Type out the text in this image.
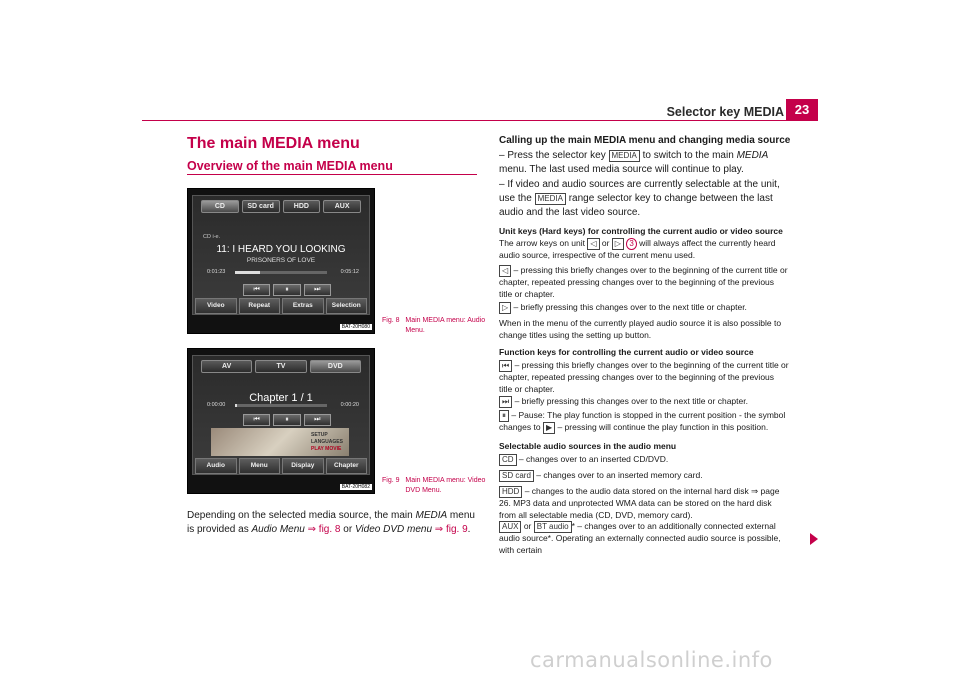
Selector key MEDIA 23
The main MEDIA menu
Overview of the main MEDIA menu
CD	SD card	HDD	AUX
CD i-e.
11: I HEARD YOU LOOKING
PRISONERS OF LOVE
0:01:23	0:05:12
⏮	⏸	⏭
Video	Repeat	Extras	Selection
BAT-20H080
Fig. 8 Main MEDIA menu: Audio Menu.
AV	TV	DVD
Chapter 1 / 1
0:00:00	0:00:20
⏮	⏸	⏭
SETUP
LANGUAGES
PLAY MOVIE
Audio	Menu	Display	Chapter
BAT-20H082
Fig. 9 Main MEDIA menu: Video DVD Menu.
Depending on the selected media source, the main MEDIA menu is provided as Audio Menu ⇒ fig. 8 or Video DVD menu ⇒ fig. 9.
Calling up the main MEDIA menu and changing media source
– Press the selector key MEDIA to switch to the main MEDIA menu. The last used media source will continue to play.
– If video and audio sources are currently selectable at the unit, use the MEDIA range selector key to change between the last audio and the last video source.
Unit keys (Hard keys) for controlling the current audio or video source
The arrow keys on unit ◁ or ▷ 3 will always affect the currently heard audio source, irrespective of the current menu used.
◁ – pressing this briefly changes over to the beginning of the current title or chapter, repeated pressing changes over to the beginning of the previous title or chapter.
▷ – briefly pressing this changes over to the next title or chapter.
When in the menu of the currently played audio source it is also possible to change titles using the setting up button.
Function keys for controlling the current audio or video source
⏮ – pressing this briefly changes over to the beginning of the current title or chapter, repeated pressing changes over to the beginning of the previous title or chapter.
⏭ – briefly pressing this changes over to the next title or chapter.
⏸ – Pause: The play function is stopped in the current position - the symbol changes to ▶ – pressing will continue the play function in this position.
Selectable audio sources in the audio menu
CD – changes over to an inserted CD/DVD.
SD card – changes over to an inserted memory card.
HDD – changes to the audio data stored on the internal hard disk ⇒ page 26. MP3 data and unprotected WMA data can be stored on the hard disk from all selectable media (CD, DVD, memory card).
AUX or BT audio * – changes over to an additionally connected external audio source*. Operating an externally connected audio source is possible, with certain
carmanualsonline.info
